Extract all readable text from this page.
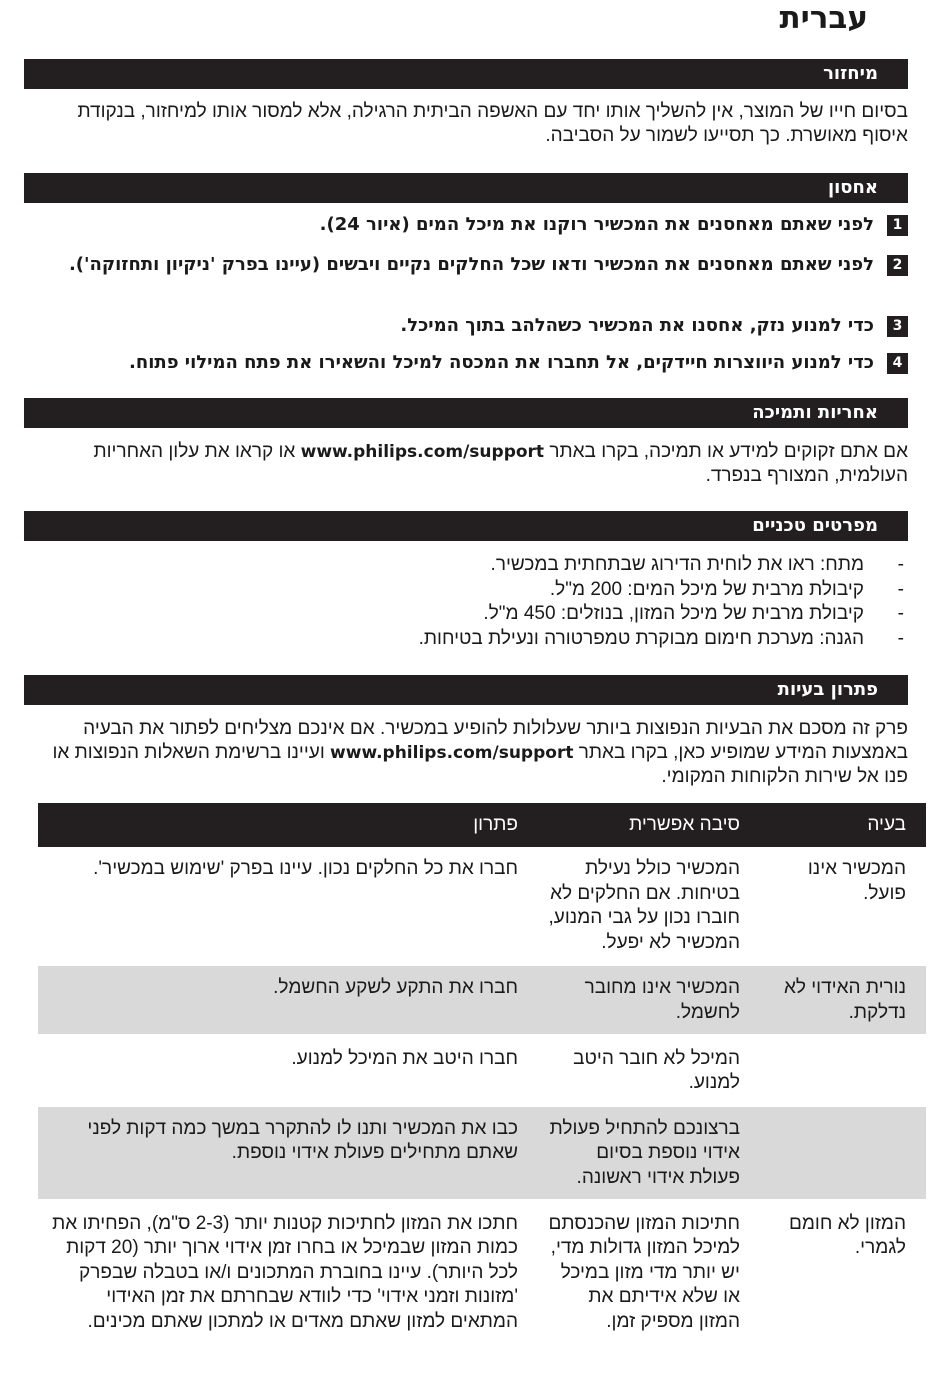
עברית
מיחזור

בסיום חייו של המוצר, אין להשליך אותו יחד עם האשפה הביתית הרגילה, אלא למסור אותו למיחזור, בנקודת איסוף מאושרת. כך תסייעו לשמור על הסביבה.

אחסון
1
לפני שאתם מאחסנים את המכשיר רוקנו את מיכל המים (איור 24).
2
לפני שאתם מאחסנים את המכשיר ודאו שכל החלקים נקיים ויבשים (עיינו בפרק 'ניקיון ותחזוקה').
3
כדי למנוע נזק, אחסנו את המכשיר כשהלהב בתוך המיכל.
4
כדי למנוע היווצרות חיידקים, אל תחברו את המכסה למיכל והשאירו את פתח המילוי פתוח.
אחריות ותמיכה

אם אתם זקוקים למידע או תמיכה, בקרו באתר www.philips.com/support או קראו את עלון האחריות העולמית, המצורף בנפרד.

מפרטים טכניים
-
מתח: ראו את לוחית הדירוג שבתחתית במכשיר.
-
קיבולת מרבית של מיכל המים: 200 מ"ל.
-
קיבולת מרבית של מיכל המזון, בנוזלים: 450 מ"ל.
-
הגנה: מערכת חימום מבוקרת טמפרטורה ונעילת בטיחות.
פתרון בעיות

פרק זה מסכם את הבעיות הנפוצות ביותר שעלולות להופיע במכשיר. אם אינכם מצליחים לפתור את הבעיה באמצעות המידע שמופיע כאן, בקרו באתר www.philips.com/support ועיינו ברשימת השאלות הנפוצות או פנו אל שירות הלקוחות המקומי.

בעיה	סיבה אפשרית	פתרון
המכשיר אינו פועל.	המכשיר כולל נעילת בטיחות. אם החלקים לא חוברו נכון על גבי המנוע, המכשיר לא יפעל.	חברו את כל החלקים נכון. עיינו בפרק 'שימוש במכשיר'.
נורית האידוי לא נדלקת.	המכשיר אינו מחובר לחשמל.	חברו את התקע לשקע החשמל.
	המיכל לא חובר היטב למנוע.	חברו היטב את המיכל למנוע.
	ברצונכם להתחיל פעולת אידוי נוספת בסיום פעולת אידוי ראשונה.	כבו את המכשיר ותנו לו להתקרר במשך כמה דקות לפני שאתם מתחילים פעולת אידוי נוספת.
המזון לא חומם לגמרי.	חתיכות המזון שהכנסתם למיכל המזון גדולות מדי, יש יותר מדי מזון במיכל או שלא אידיתם את המזון מספיק זמן.	חתכו את המזון לחתיכות קטנות יותר (2-3 ס"מ), הפחיתו את כמות המזון שבמיכל או בחרו זמן אידוי ארוך יותר (20 דקות לכל היותר). עיינו בחוברת המתכונים ו/או בטבלה שבפרק 'מזונות וזמני אידוי' כדי לוודא שבחרתם את זמן האידוי המתאים למזון שאתם מאדים או למתכון שאתם מכינים.
